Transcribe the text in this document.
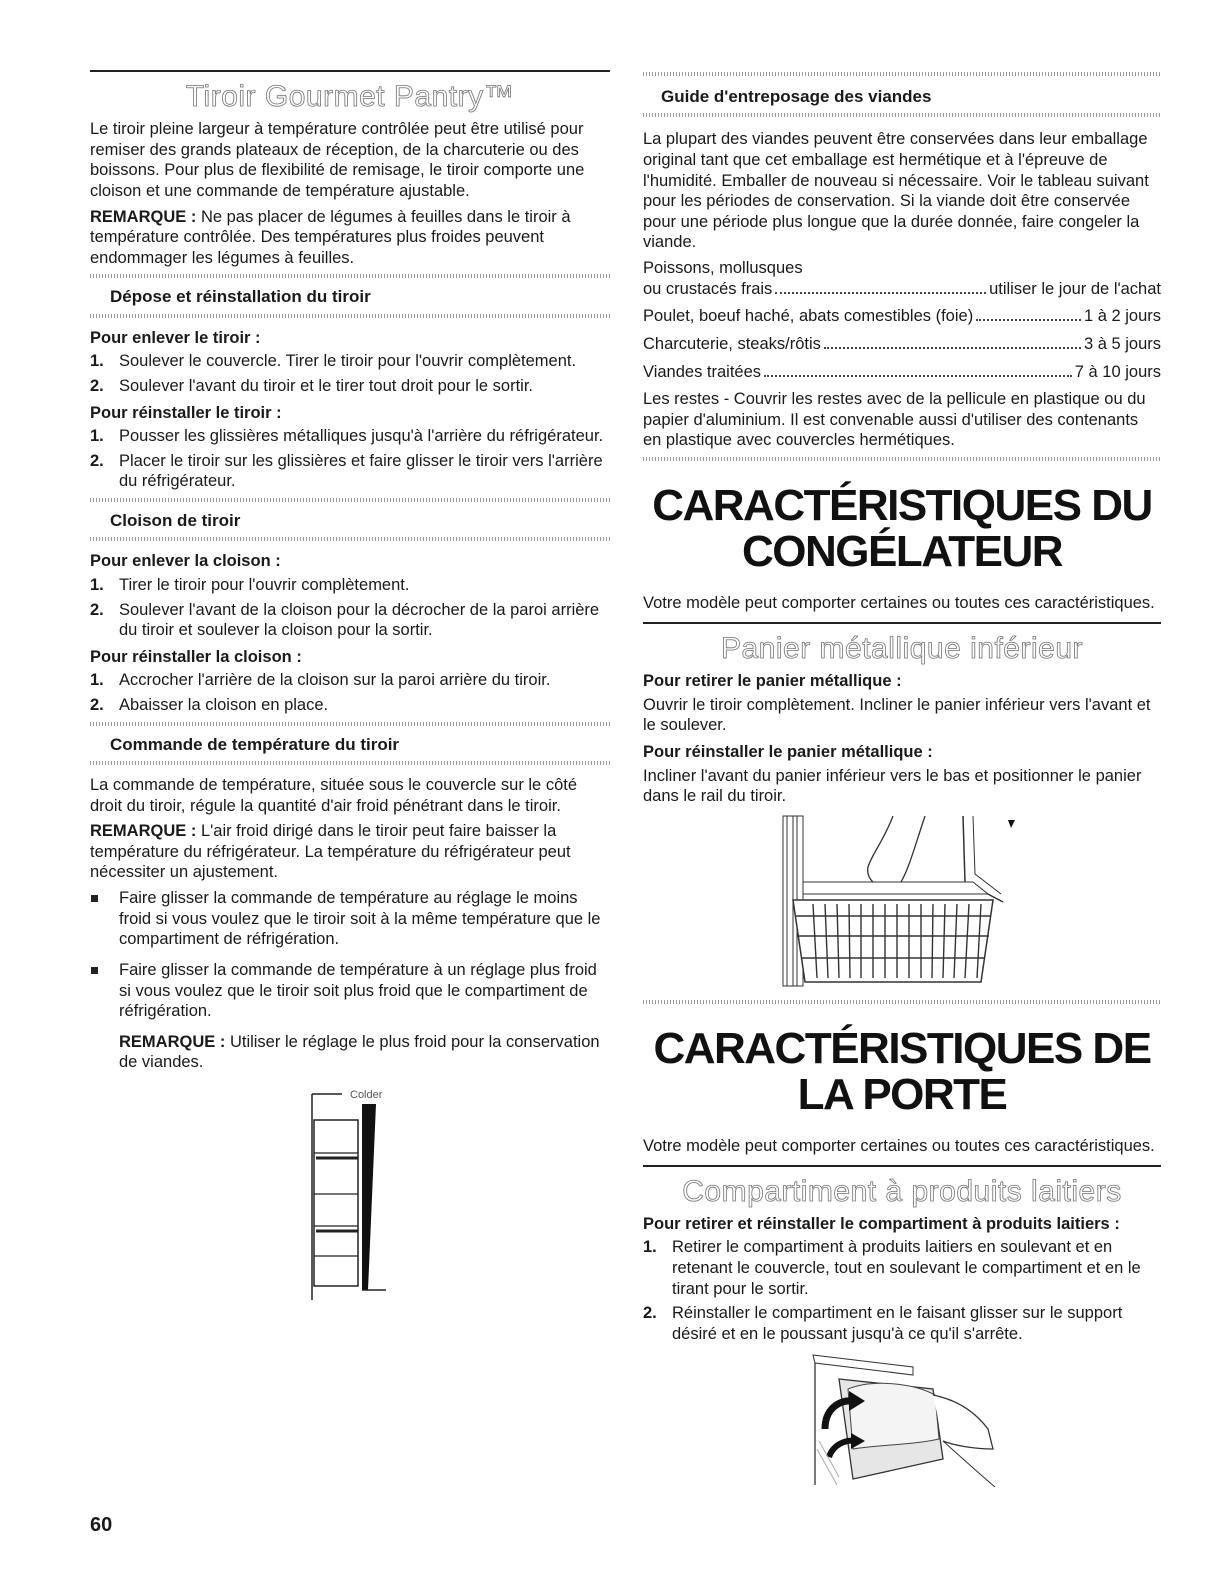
Tiroir Gourmet Pantry™

Le tiroir pleine largeur à température contrôlée peut être utilisé pour remiser des grands plateaux de réception, de la charcuterie ou des boissons. Pour plus de flexibilité de remisage, le tiroir comporte une cloison et une commande de température ajustable.

REMARQUE : Ne pas placer de légumes à feuilles dans le tiroir à température contrôlée. Des températures plus froides peuvent endommager les légumes à feuilles.

Dépose et réinstallation du tiroir
Pour enlever le tiroir :
1. Soulever le couvercle. Tirer le tiroir pour l'ouvrir complètement.
2. Soulever l'avant du tiroir et le tirer tout droit pour le sortir.
Pour réinstaller le tiroir :
1. Pousser les glissières métalliques jusqu'à l'arrière du réfrigérateur.
2. Placer le tiroir sur les glissières et faire glisser le tiroir vers l'arrière du réfrigérateur.
Cloison de tiroir
Pour enlever la cloison :
1. Tirer le tiroir pour l'ouvrir complètement.
2. Soulever l'avant de la cloison pour la décrocher de la paroi arrière du tiroir et soulever la cloison pour la sortir.
Pour réinstaller la cloison :
1. Accrocher l'arrière de la cloison sur la paroi arrière du tiroir.
2. Abaisser la cloison en place.
Commande de température du tiroir

La commande de température, située sous le couvercle sur le côté droit du tiroir, régule la quantité d'air froid pénétrant dans le tiroir.

REMARQUE : L'air froid dirigé dans le tiroir peut faire baisser la température du réfrigérateur. La température du réfrigérateur peut nécessiter un ajustement.

Faire glisser la commande de température au réglage le moins froid si vous voulez que le tiroir soit à la même température que le compartiment de réfrigération.
Faire glisser la commande de température à un réglage plus froid si vous voulez que le tiroir soit plus froid que le compartiment de réfrigération.

REMARQUE : Utiliser le réglage le plus froid pour la conservation de viandes.

Colder
Guide d'entreposage des viandes

La plupart des viandes peuvent être conservées dans leur emballage original tant que cet emballage est hermétique et à l'épreuve de l'humidité. Emballer de nouveau si nécessaire. Voir le tableau suivant pour les périodes de conservation. Si la viande doit être conservée pour une période plus longue que la durée donnée, faire congeler la viande.

Poissons, mollusques
ou crustacés frais	utiliser le jour de l'achat
Poulet, boeuf haché, abats comestibles (foie)	1 à 2 jours
Charcuterie, steaks/rôtis	3 à 5 jours
Viandes traitées	7 à 10 jours

Les restes - Couvrir les restes avec de la pellicule en plastique ou du papier d'aluminium. Il est convenable aussi d'utiliser des contenants en plastique avec couvercles hermétiques.

CARACTÉRISTIQUES DU
CONGÉLATEUR

Votre modèle peut comporter certaines ou toutes ces caractéristiques.

Panier métallique inférieur
Pour retirer le panier métallique :

Ouvrir le tiroir complètement. Incliner le panier inférieur vers l'avant et le soulever.

Pour réinstaller le panier métallique :

Incliner l'avant du panier inférieur vers le bas et positionner le panier dans le rail du tiroir.

CARACTÉRISTIQUES DE
LA PORTE

Votre modèle peut comporter certaines ou toutes ces caractéristiques.

Compartiment à produits laitiers
Pour retirer et réinstaller le compartiment à produits laitiers :
1. Retirer le compartiment à produits laitiers en soulevant et en retenant le couvercle, tout en soulevant le compartiment et en le tirant pour le sortir.
2. Réinstaller le compartiment en le faisant glisser sur le support désiré et en le poussant jusqu'à ce qu'il s'arrête.
60
